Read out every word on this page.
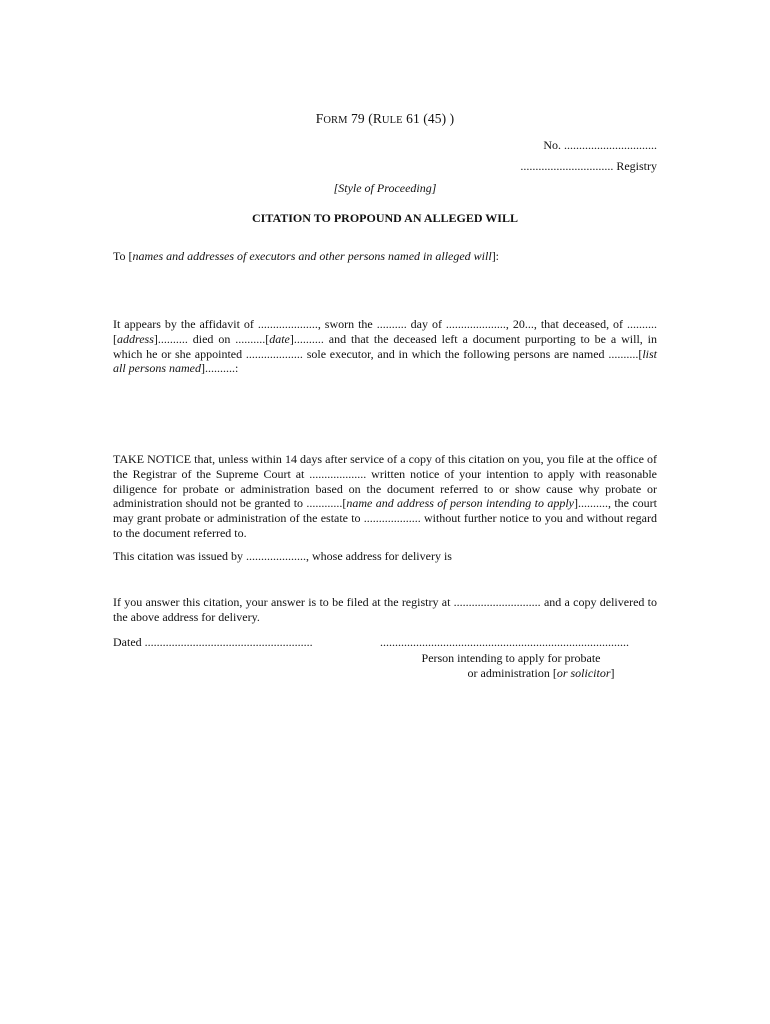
FORM 79 (RULE 61 (45) )
No. ...............................
............................... Registry
[Style of Proceeding]
CITATION TO PROPOUND AN ALLEGED WILL
To [names and addresses of executors and other persons named in alleged will]:
It appears by the affidavit of ...................., sworn the .......... day of ...................., 20..., that deceased, of ..........[address].......... died on ..........[date].......... and that the deceased left a document purporting to be a will, in which he or she appointed ................... sole executor, and in which the following persons are named ..........[list all persons named]..........:
TAKE NOTICE that, unless within 14 days after service of a copy of this citation on you, you file at the office of the Registrar of the Supreme Court at ................... written notice of your intention to apply with reasonable diligence for probate or administration based on the document referred to or show cause why probate or administration should not be granted to ............[name and address of person intending to apply].........., the court may grant probate or administration of the estate to ................... without further notice to you and without regard to the document referred to.
This citation was issued by ...................., whose address for delivery is
If you answer this citation, your answer is to be filed at the registry at ............................. and a copy delivered to the above address for delivery.
Dated ........................................................	...................................................................................
Person intending to apply for probate
or administration [or solicitor]
